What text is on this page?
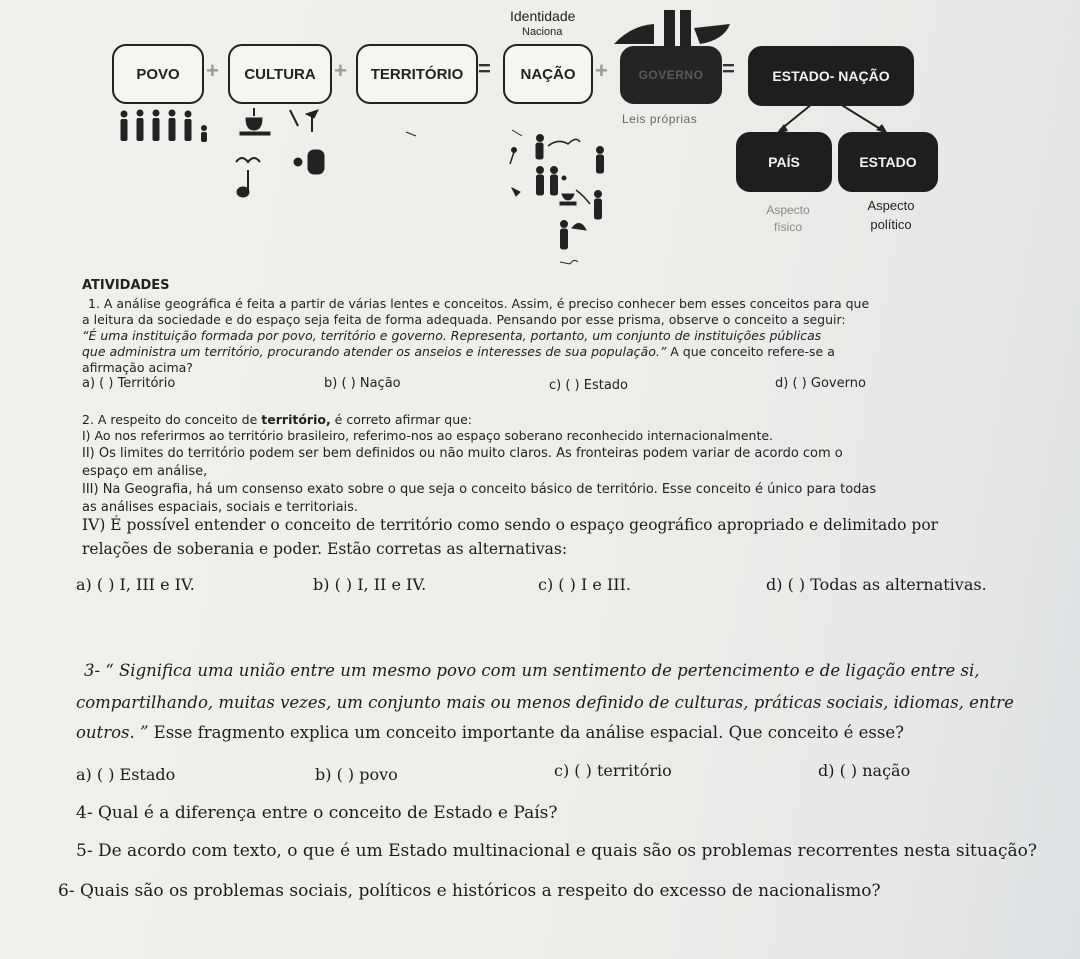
Identidade
Naciona
POVO	+	CULTURA +	TERRITÓRIO =	NAÇÃO +	GOVERNO =	ESTADO- NAÇÃO
Leis próprias
PAÍS	ESTADO
Aspecto
físico
Aspecto
político
ATIVIDADES
1. A análise geográfica é feita a partir de várias lentes e conceitos. Assim, é preciso conhecer bem esses conceitos para que
a leitura da sociedade e do espaço seja feita de forma adequada. Pensando por esse prisma, observe o conceito a seguir:
“É uma instituição formada por povo, território e governo. Representa, portanto, um conjunto de instituições públicas
que administra um território, procurando atender os anseios e interesses de sua população.” A que conceito refere-se a
afirmação acima?
a) ( ) Território	b) ( ) Nação	c) ( ) Estado	d) ( ) Governo
2. A respeito do conceito de território, é correto afirmar que:
I) Ao nos referirmos ao território brasileiro, referimo-nos ao espaço soberano reconhecido internacionalmente.
II) Os limites do território podem ser bem definidos ou não muito claros. As fronteiras podem variar de acordo com o
espaço em análise,
III) Na Geografia, há um consenso exato sobre o que seja o conceito básico de território. Esse conceito é único para todas
as análises espaciais, sociais e territoriais.
IV) É possível entender o conceito de território como sendo o espaço geográfico apropriado e delimitado por
relações de soberania e poder. Estão corretas as alternativas:
a) ( ) I, III e IV.	b) ( ) I, II e IV.	c) ( ) I e III.	d) ( ) Todas as alternativas.
3- “ Significa uma união entre um mesmo povo com um sentimento de pertencimento e de ligação entre si,
compartilhando, muitas vezes, um conjunto mais ou menos definido de culturas, práticas sociais, idiomas, entre
outros. ” Esse fragmento explica um conceito importante da análise espacial. Que conceito é esse?
a) ( ) Estado	b) ( ) povo	c) ( ) território	d) ( ) nação
4- Qual é a diferença entre o conceito de Estado e País?
5- De acordo com texto, o que é um Estado multinacional e quais são os problemas recorrentes nesta situação?
6- Quais são os problemas sociais, políticos e históricos a respeito do excesso de nacionalismo?
